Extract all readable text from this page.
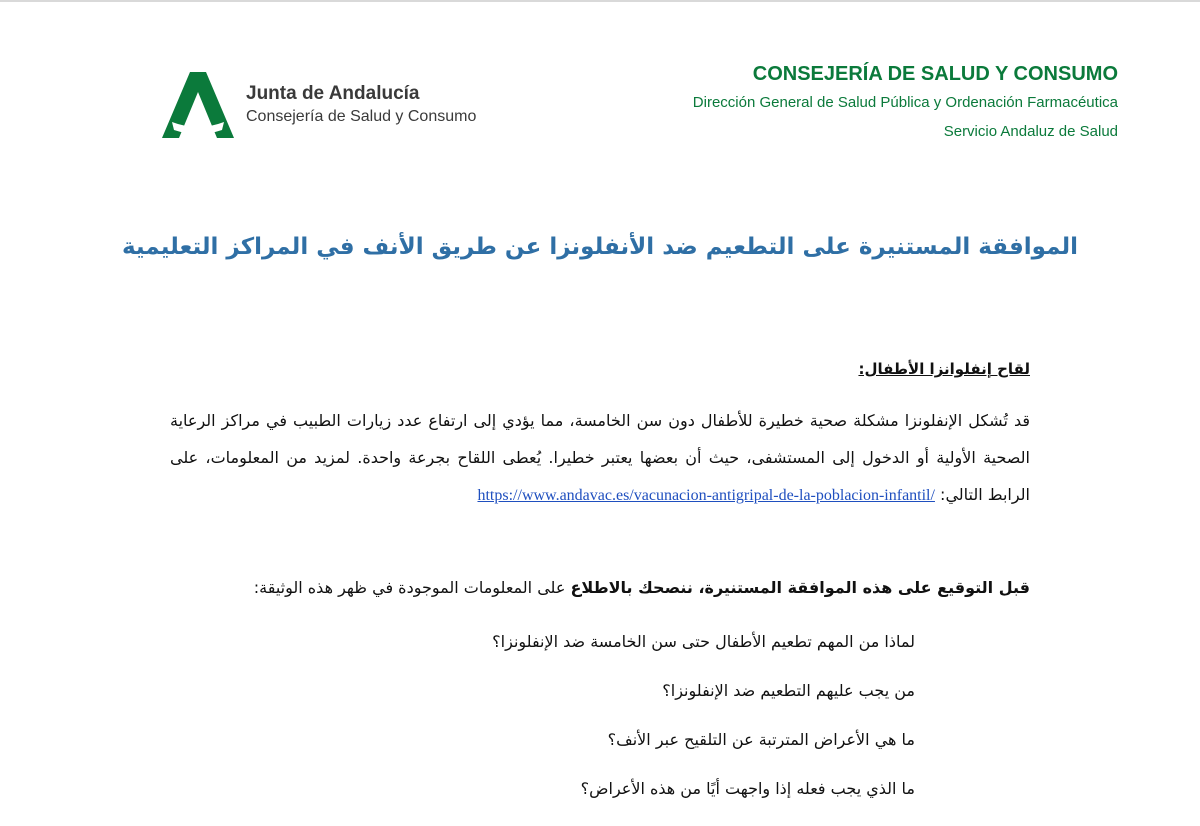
Junta de Andalucía
Consejería de Salud y Consumo
CONSEJERÍA DE SALUD Y CONSUMO
Dirección General de Salud Pública y Ordenación Farmacéutica
Servicio Andaluz de Salud
الموافقة المستنيرة على التطعيم ضد الأنفلونزا عن طريق الأنف في المراكز التعليمية
لقاح إنفلوانزا الأطفال:
قد تُشكل الإنفلونزا مشكلة صحية خطيرة للأطفال دون سن الخامسة، مما يؤدي إلى ارتفاع عدد زيارات الطبيب في مراكز الرعاية الصحية الأولية أو الدخول إلى المستشفى، حيث أن بعضها يعتبر خطيرا. يُعطى اللقاح بجرعة واحدة. لمزيد من المعلومات، على الرابط التالي: https://www.andavac.es/vacunacion-antigripal-de-la-poblacion-infantil/
قبل التوقيع على هذه الموافقة المستنيرة، ننصحك بالاطلاع على المعلومات الموجودة في ظهر هذه الوثيقة:
لماذا من المهم تطعيم الأطفال حتى سن الخامسة ضد الإنفلونزا؟
من يجب عليهم التطعيم ضد الإنفلونزا؟
ما هي الأعراض المترتبة عن التلقيح عبر الأنف؟
ما الذي يجب فعله إذا واجهت أيًا من هذه الأعراض؟
